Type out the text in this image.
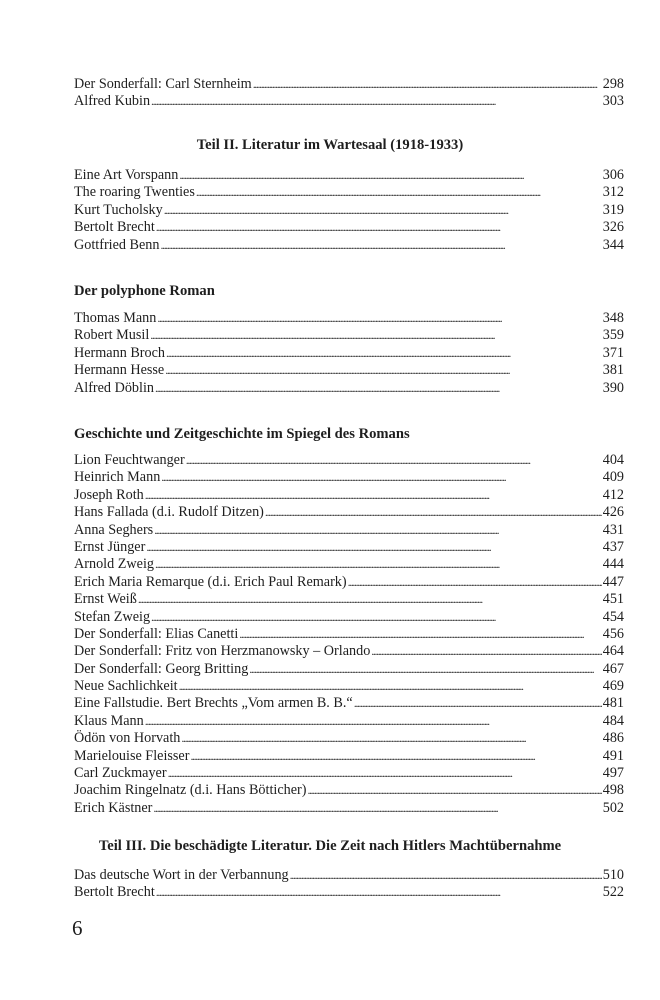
Der Sonderfall: Carl Sternheim . . .	298
Alfred Kubin . . .	303
Teil II. Literatur im Wartesaal (1918-1933)
Eine Art Vorspann . . .	306
The roaring Twenties . . .	312
Kurt Tucholsky . . .	319
Bertolt Brecht . . .	326
Gottfried Benn . . .	344
Der polyphone Roman
Thomas Mann . . .	348
Robert Musil . . .	359
Hermann Broch . . .	371
Hermann Hesse . . .	381
Alfred Döblin . . .	390
Geschichte und Zeitgeschichte im Spiegel des Romans
Lion Feuchtwanger . . .	404
Heinrich Mann . . .	409
Joseph Roth . . .	412
Hans Fallada (d.i. Rudolf Ditzen) . . .	426
Anna Seghers . . .	431
Ernst Jünger . . .	437
Arnold Zweig . . .	444
Erich Maria Remarque (d.i. Erich Paul Remark) . . .	447
Ernst Weiß . . .	451
Stefan Zweig . . .	454
Der Sonderfall: Elias Canetti . . .	456
Der Sonderfall: Fritz von Herzmanowsky – Orlando . . .	464
Der Sonderfall: Georg Britting . . .	467
Neue Sachlichkeit . . .	469
Eine Fallstudie. Bert Brechts „Vom armen B. B.“ . . .	481
Klaus Mann . . .	484
Ödön von Horvath . . .	486
Marielouise Fleisser . . .	491
Carl Zuckmayer . . .	497
Joachim Ringelnatz (d.i. Hans Bötticher) . . .	498
Erich Kästner . . .	502
Teil III. Die beschädigte Literatur. Die Zeit nach Hitlers Machtübernahme
Das deutsche Wort in der Verbannung . . .	510
Bertolt Brecht . . .	522
6
